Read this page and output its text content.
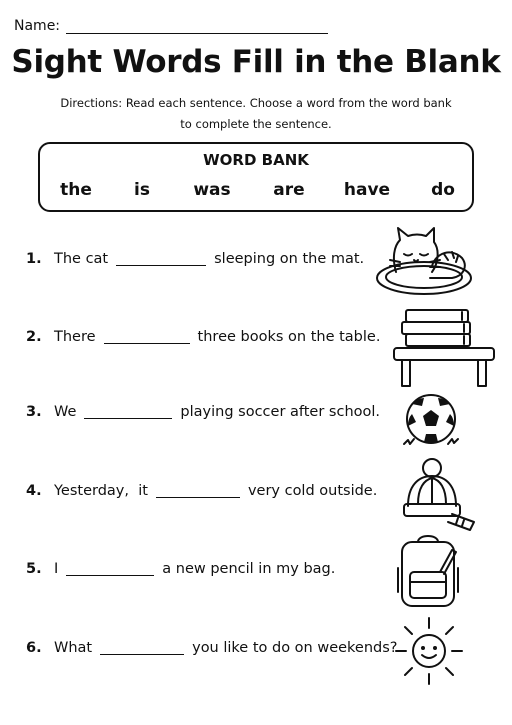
Name:
Sight Words Fill in the Blank
Directions: Read each sentence. Choose a word from the word bank
to complete the sentence.
WORD BANK
the is	was	are have do
1. The cat	sleeping on the mat.
2. There	three books on the table.
3. We	playing soccer after school.
4. Yesterday,  it	very cold outside.
5. I	a new pencil in my bag.
6. What	you like to do on weekends?
